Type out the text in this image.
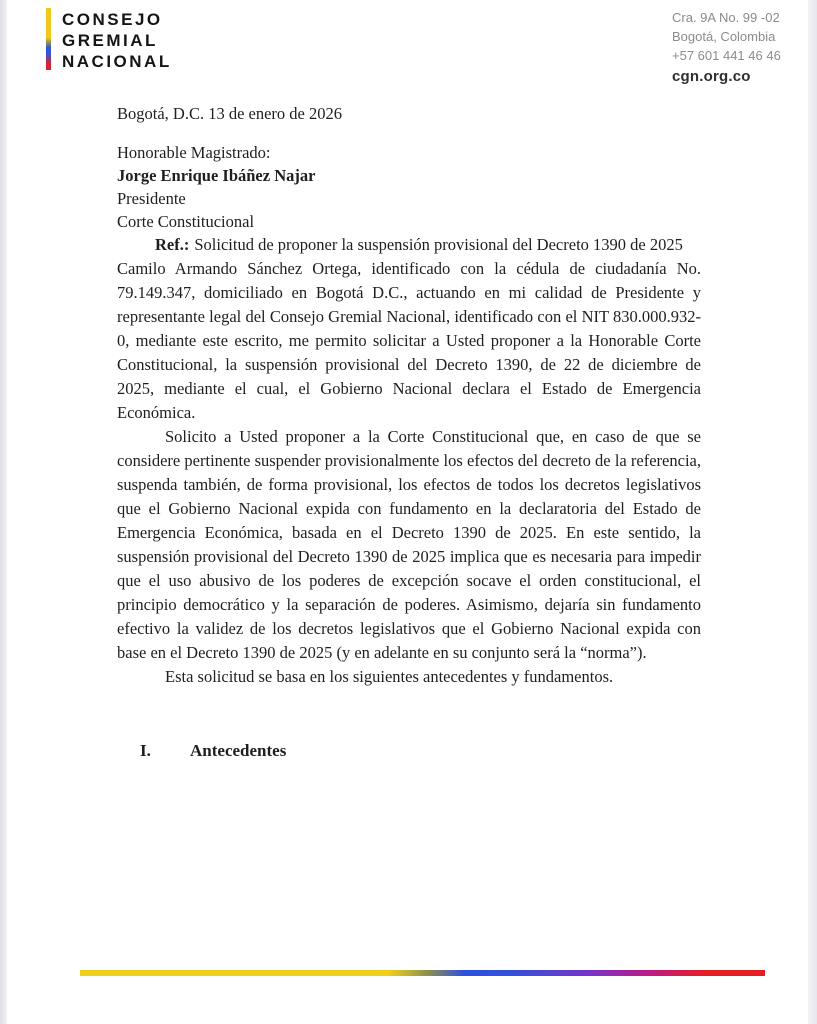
CONSEJO
GREMIAL
NACIONAL
Cra. 9A No. 99 -02
Bogotá, Colombia
+57 601 441 46 46
cgn.org.co
Bogotá, D.C. 13 de enero de 2026
Honorable Magistrado:
Jorge Enrique Ibáñez Najar
Presidente
Corte Constitucional

Ref.: Solicitud de proponer la suspensión provisional del Decreto 1390 de 2025

Camilo Armando Sánchez Ortega, identificado con la cédula de ciudadanía No. 79.149.347, domiciliado en Bogotá D.C., actuando en mi calidad de Presidente y representante legal del Consejo Gremial Nacional, identificado con el NIT 830.000.932-0, mediante este escrito, me permito solicitar a Usted proponer a la Honorable Corte Constitucional, la suspensión provisional del Decreto 1390, de 22 de diciembre de 2025, mediante el cual, el Gobierno Nacional declara el Estado de Emergencia Económica.

Solicito a Usted proponer a la Corte Constitucional que, en caso de que se considere pertinente suspender provisionalmente los efectos del decreto de la referencia, suspenda también, de forma provisional, los efectos de todos los decretos legislativos que el Gobierno Nacional expida con fundamento en la declaratoria del Estado de Emergencia Económica, basada en el Decreto 1390 de 2025. En este sentido, la suspensión provisional del Decreto 1390 de 2025 implica que es necesaria para impedir que el uso abusivo de los poderes de excepción socave el orden constitucional, el principio democrático y la separación de poderes. Asimismo, dejaría sin fundamento efectivo la validez de los decretos legislativos que el Gobierno Nacional expida con base en el Decreto 1390 de 2025 (y en adelante en su conjunto será la “norma”).

Esta solicitud se basa en los siguientes antecedentes y fundamentos.

I. Antecedentes
